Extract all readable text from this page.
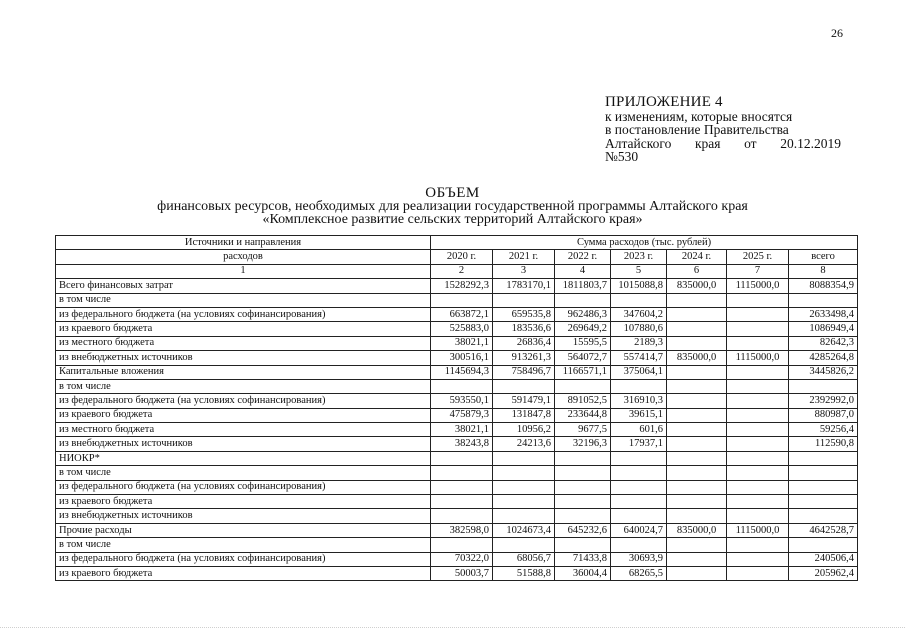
26
ПРИЛОЖЕНИЕ 4
к изменениям, которые вносятся
в постановление Правительства
Алтайского края от 20.12.2019
№530
ОБЪЕМ
финансовых ресурсов, необходимых для реализации государственной программы Алтайского края
«Комплексное развитие сельских территорий Алтайского края»
Источники и направления	Сумма расходов (тыс. рублей)						
расходов	2020 г.	2021 г.	2022 г.	2023 г.	2024 г.	2025 г.	всего
1	2	3	4	5	6	7	8
Всего финансовых затрат	1528292,3	1783170,1	1811803,7	1015088,8	835000,0	1115000,0	8088354,9
в том числе							
из федерального бюджета (на условиях софинансирования)	663872,1	659535,8	962486,3	347604,2			2633498,4
из краевого бюджета	525883,0	183536,6	269649,2	107880,6			1086949,4
из местного бюджета	38021,1	26836,4	15595,5	2189,3			82642,3
из внебюджетных источников	300516,1	913261,3	564072,7	557414,7	835000,0	1115000,0	4285264,8
Капитальные вложения	1145694,3	758496,7	1166571,1	375064,1			3445826,2
в том числе							
из федерального бюджета (на условиях софинансирования)	593550,1	591479,1	891052,5	316910,3			2392992,0
из краевого бюджета	475879,3	131847,8	233644,8	39615,1			880987,0
из местного бюджета	38021,1	10956,2	9677,5	601,6			59256,4
из внебюджетных источников	38243,8	24213,6	32196,3	17937,1			112590,8
НИОКР*							
в том числе							
из федерального бюджета (на условиях софинансирования)							
из краевого бюджета							
из внебюджетных источников							
Прочие расходы	382598,0	1024673,4	645232,6	640024,7	835000,0	1115000,0	4642528,7
в том числе							
из федерального бюджета (на условиях софинансирования)	70322,0	68056,7	71433,8	30693,9			240506,4
из краевого бюджета	50003,7	51588,8	36004,4	68265,5			205962,4
